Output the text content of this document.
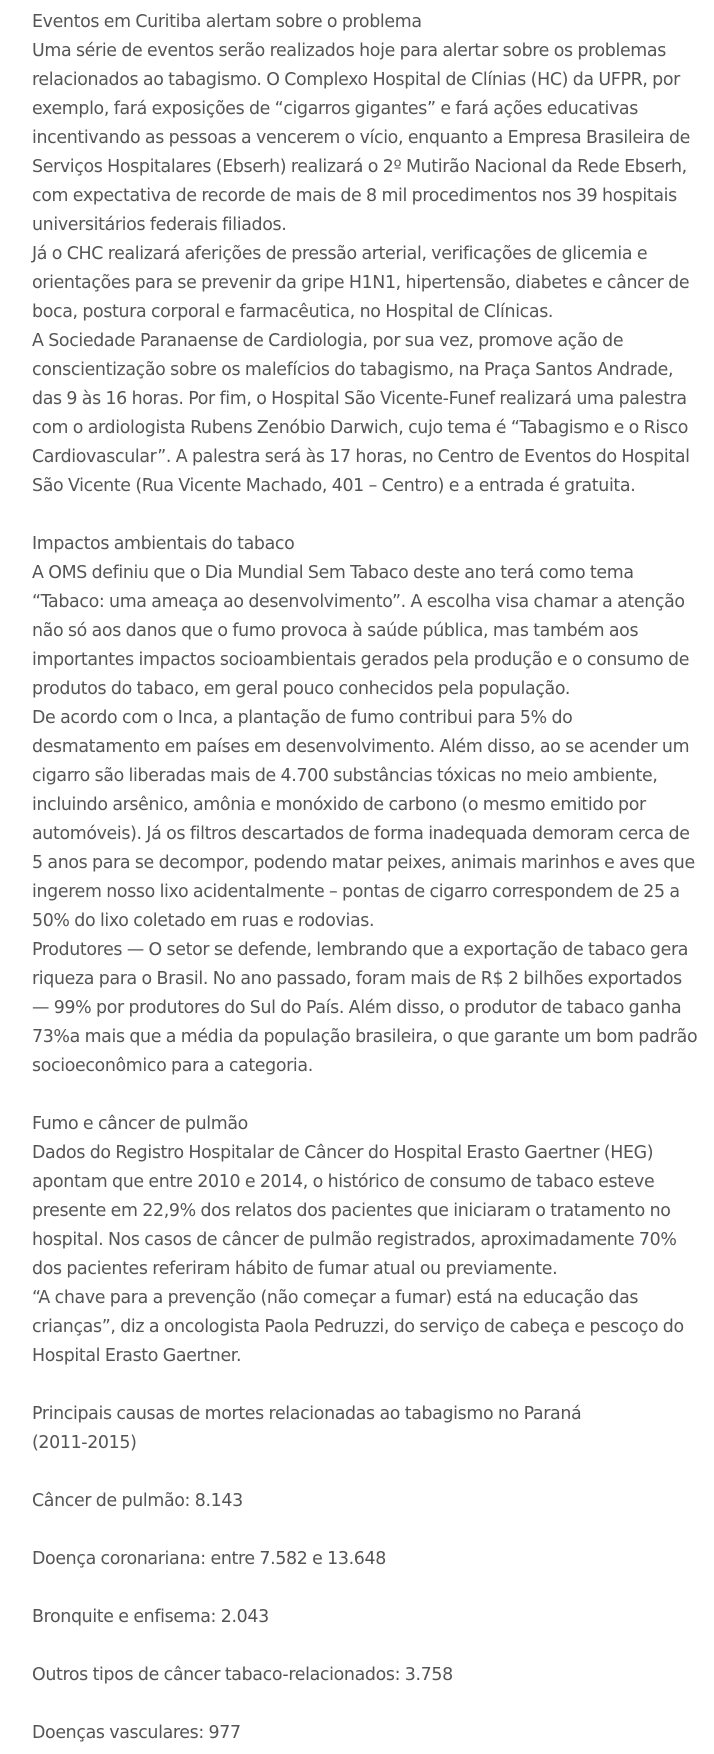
Eventos em Curitiba alertam sobre o problema

Uma série de eventos serão realizados hoje para alertar sobre os problemas relacionados ao tabagismo. O Complexo Hospital de Clínias (HC) da UFPR, por exemplo, fará exposições de “cigarros gigantes” e fará ações educativas incentivando as pessoas a vencerem o vício, enquanto a Empresa Brasileira de Serviços Hospitalares (Ebserh) realizará o 2º Mutirão Nacional da Rede Ebserh, com expectativa de recorde de mais de 8 mil procedimentos nos 39 hospitais universitários federais filiados.

Já o CHC realizará aferições de pressão arterial, verificações de glicemia e orientações para se prevenir da gripe H1N1, hipertensão, diabetes e câncer de boca, postura corporal e farmacêutica, no Hospital de Clínicas.

A Sociedade Paranaense de Cardiologia, por sua vez, promove ação de conscientização sobre os malefícios do tabagismo, na Praça Santos Andrade, das 9 às 16 horas. Por fim, o Hospital São Vicente-Funef realizará uma palestra com o ardiologista Rubens Zenóbio Darwich, cujo tema é “Tabagismo e o Risco Cardiovascular”. A palestra será às 17 horas, no Centro de Eventos do Hospital São Vicente (Rua Vicente Machado, 401 – Centro) e a entrada é gratuita.

Impactos ambientais do tabaco

A OMS definiu que o Dia Mundial Sem Tabaco deste ano terá como tema “Tabaco: uma ameaça ao desenvolvimento”. A escolha visa chamar a atenção não só aos danos que o fumo provoca à saúde pública, mas também aos importantes impactos socioambientais gerados pela produção e o consumo de produtos do tabaco, em geral pouco conhecidos pela população.

De acordo com o Inca, a plantação de fumo contribui para 5% do desmatamento em países em desenvolvimento. Além disso, ao se acender um cigarro são liberadas mais de 4.700 substâncias tóxicas no meio ambiente, incluindo arsênico, amônia e monóxido de carbono (o mesmo emitido por automóveis). Já os filtros descartados de forma inadequada demoram cerca de 5 anos para se decompor, podendo matar peixes, animais marinhos e aves que ingerem nosso lixo acidentalmente – pontas de cigarro correspondem de 25 a 50% do lixo coletado em ruas e rodovias.

Produtores — O setor se defende, lembrando que a exportação de tabaco gera riqueza para o Brasil. No ano passado, foram mais de R$ 2 bilhões exportados — 99% por produtores do Sul do País. Além disso, o produtor de tabaco ganha 73%a mais que a média da população brasileira, o que garante um bom padrão socioeconômico para a categoria.

Fumo e câncer de pulmão

Dados do Registro Hospitalar de Câncer do Hospital Erasto Gaertner (HEG) apontam que entre 2010 e 2014, o histórico de consumo de tabaco esteve presente em 22,9% dos relatos dos pacientes que iniciaram o tratamento no hospital. Nos casos de câncer de pulmão registrados, aproximadamente 70% dos pacientes referiram hábito de fumar atual ou previamente.

“A chave para a prevenção (não começar a fumar) está na educação das crianças”, diz a oncologista Paola Pedruzzi, do serviço de cabeça e pescoço do Hospital Erasto Gaertner.

Principais causas de mortes relacionadas ao tabagismo no Paraná

(2011-2015)

Câncer de pulmão: 8.143

Doença coronariana: entre 7.582 e 13.648

Bronquite e enfisema: 2.043

Outros tipos de câncer tabaco-relacionados: 3.758

Doenças vasculares: 977
